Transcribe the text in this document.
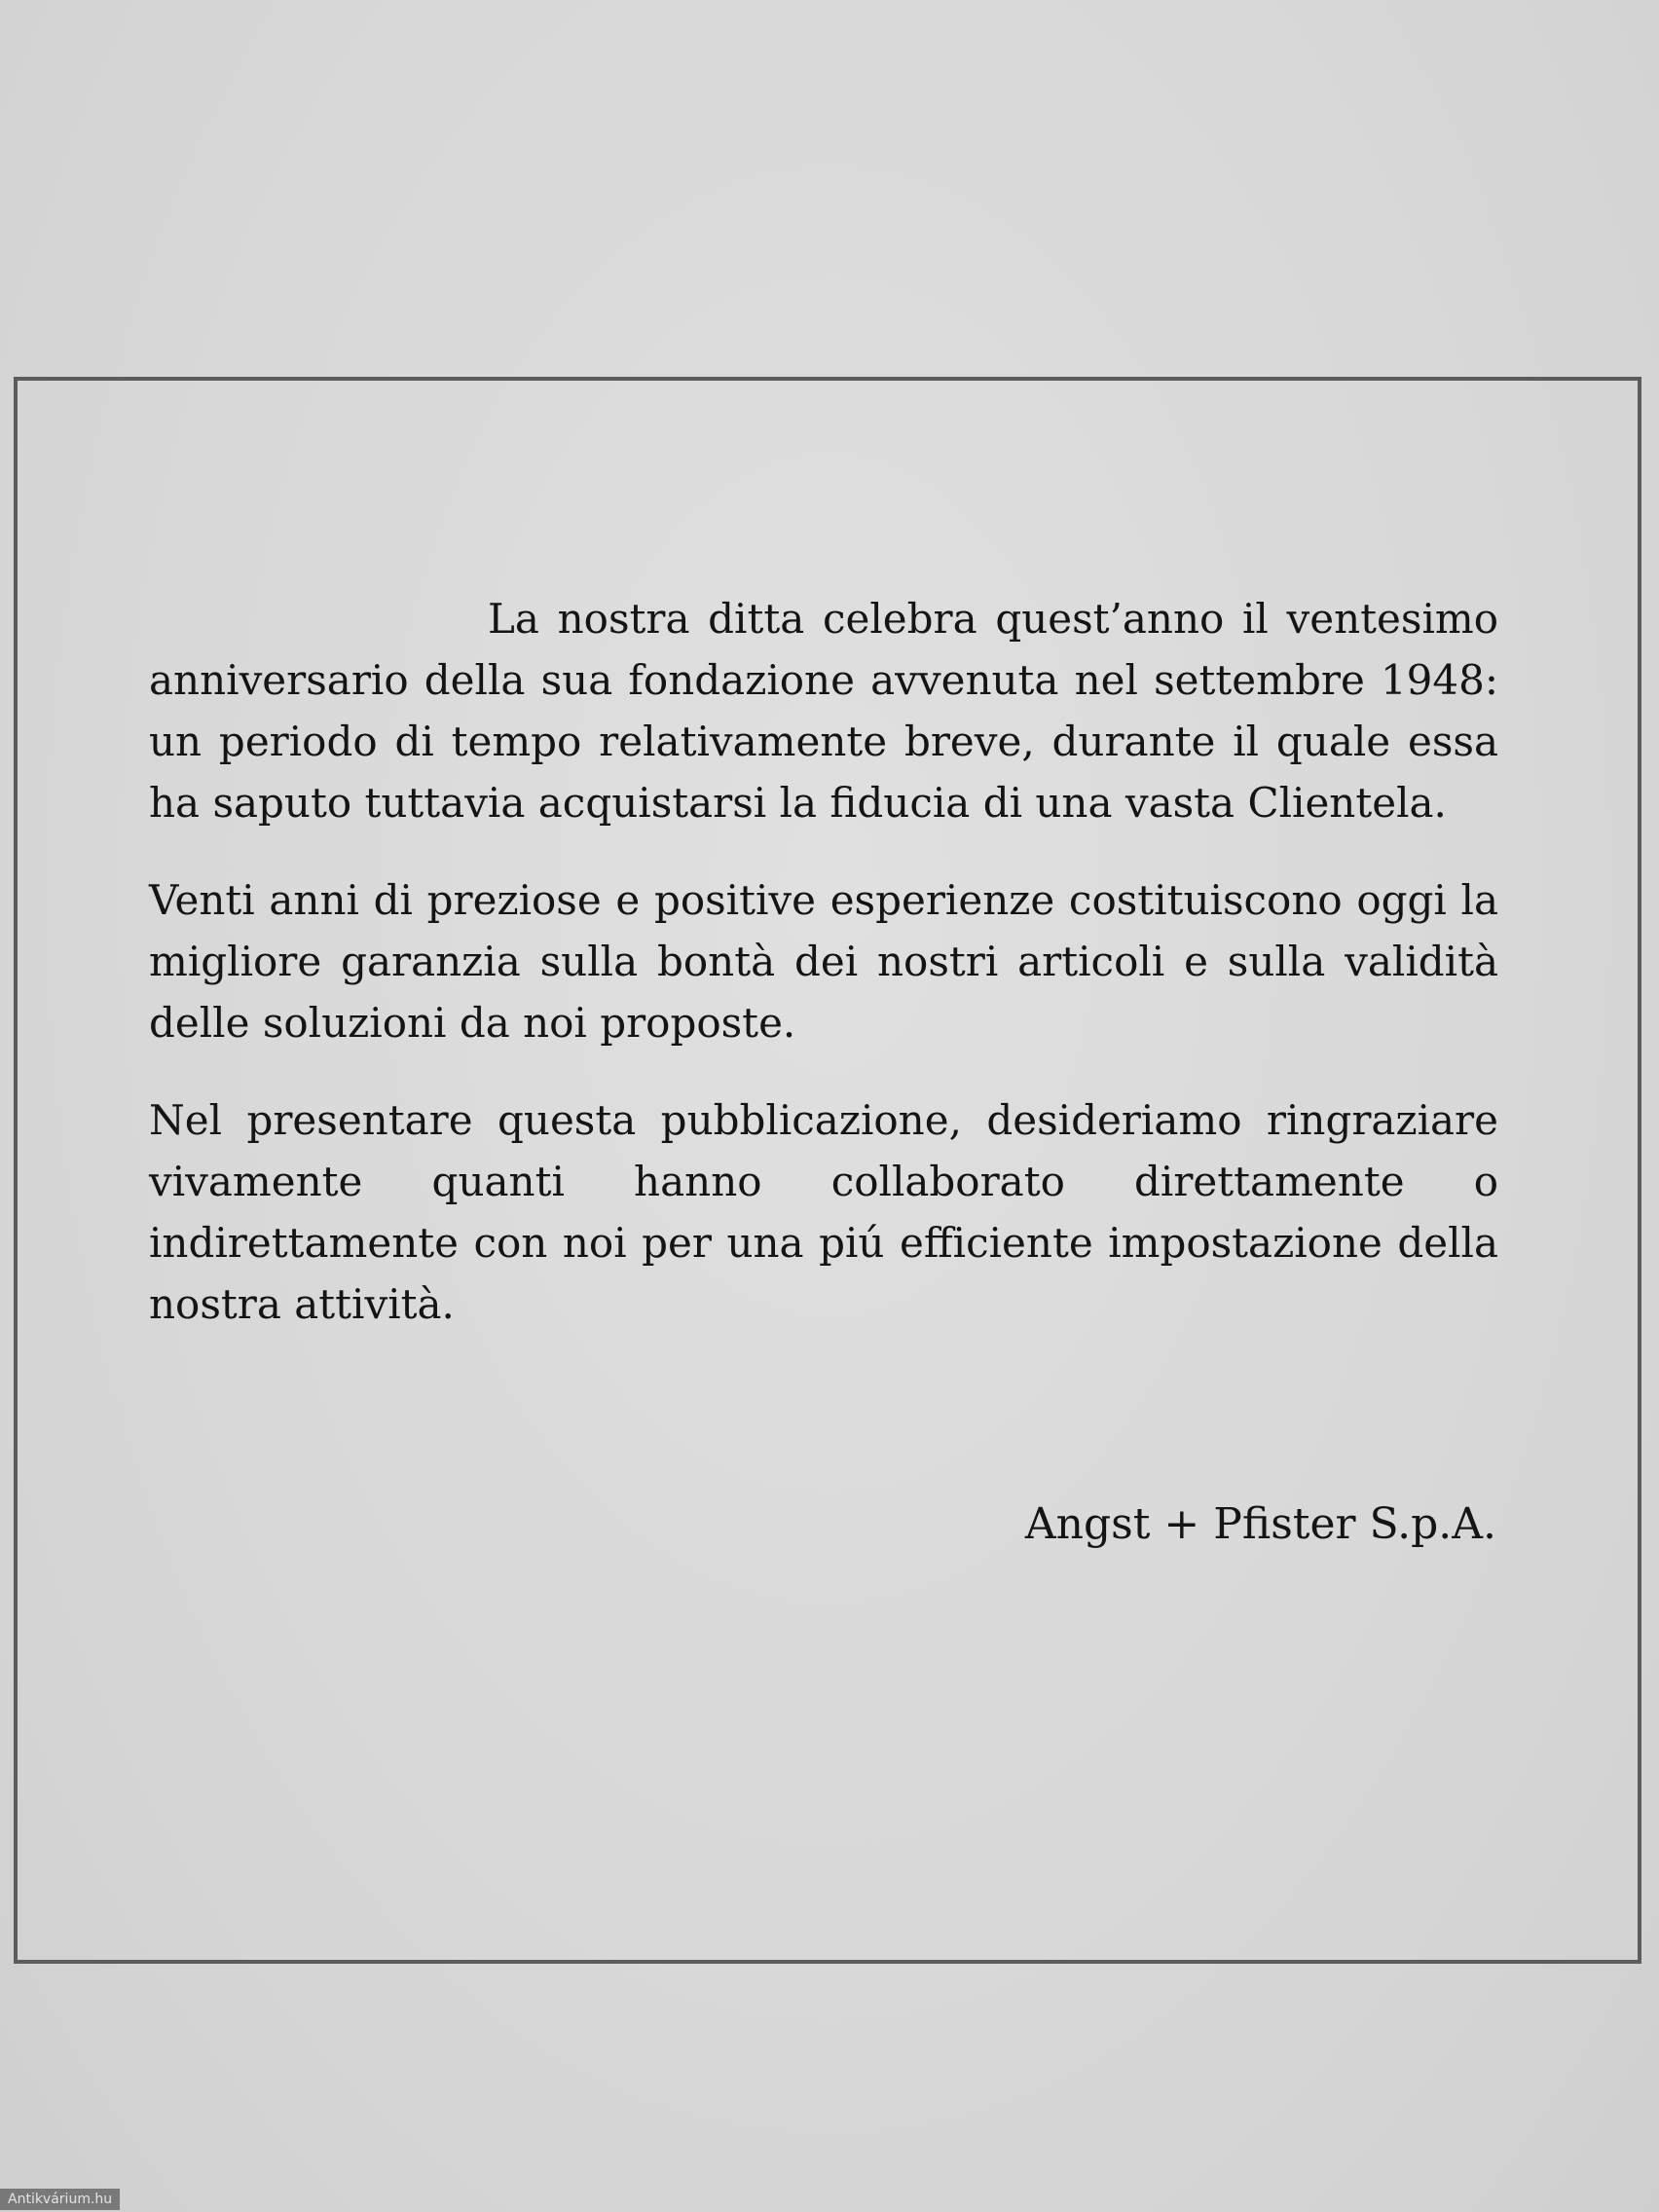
La nostra ditta celebra quest’anno il ventesimo anniversario della sua fondazione avvenuta nel settembre 1948: un periodo di tempo relativamente breve, durante il quale essa ha saputo tuttavia acquistarsi la fiducia di una vasta Clientela.

Venti anni di preziose e positive esperienze costituiscono oggi la migliore garanzia sulla bontà dei nostri articoli e sulla validità delle soluzioni da noi proposte.

Nel presentare questa pubblicazione, desideriamo ringraziare vivamente quanti hanno collaborato direttamente o indirettamente con noi per una piú efficiente impostazione della nostra attività.

Angst + Pfister S.p.A.
Antikvárium.hu
